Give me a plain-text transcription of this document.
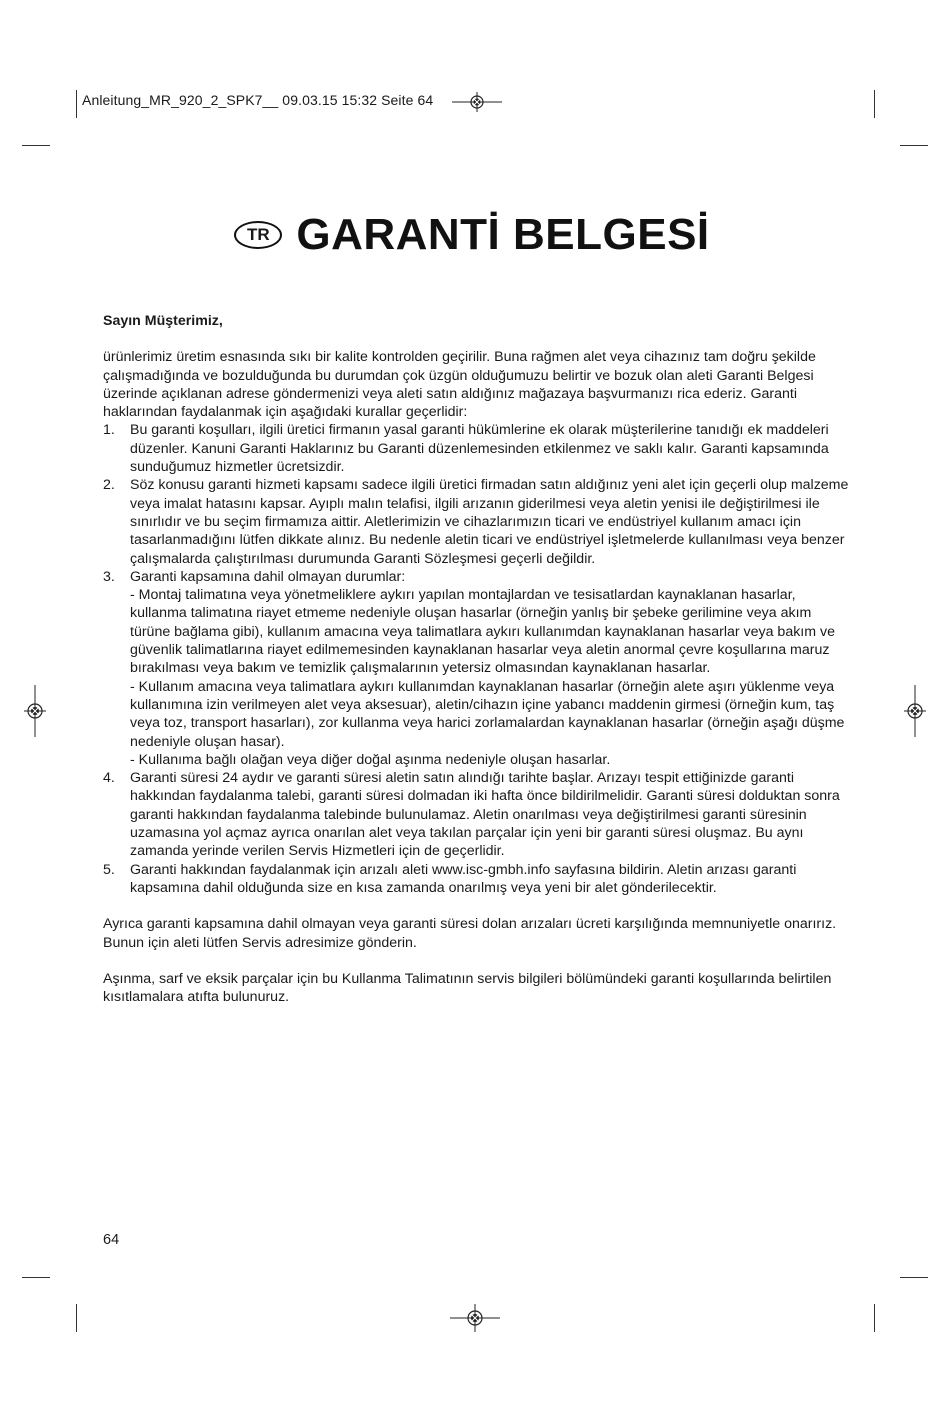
Anleitung_MR_920_2_SPK7__ 09.03.15 15:32 Seite 64
TR GARANTİ BELGESİ

Sayın Müşterimiz,

ürünlerimiz üretim esnasında sıkı bir kalite kontrolden geçirilir. Buna rağmen alet veya cihazınız tam doğru şekilde çalışmadığında ve bozulduğunda bu durumdan çok üzgün olduğumuzu belirtir ve bozuk olan aleti Garanti Belgesi üzerinde açıklanan adrese göndermenizi veya aleti satın aldığınız mağazaya başvurmanızı rica ederiz. Garanti haklarından faydalanmak için aşağıdaki kurallar geçerlidir:

1.	Bu garanti koşulları, ilgili üretici firmanın yasal garanti hükümlerine ek olarak müşterilerine tanıdığı ek maddeleri düzenler. Kanuni Garanti Haklarınız bu Garanti düzenlemesinden etkilenmez ve saklı kalır. Garanti kapsamında sunduğumuz hizmetler ücretsizdir.
2.	Söz konusu garanti hizmeti kapsamı sadece ilgili üretici firmadan satın aldığınız yeni alet için geçerli olup malzeme veya imalat hatasını kapsar. Ayıplı malın telafisi, ilgili arızanın giderilmesi veya aletin yenisi ile değiştirilmesi ile sınırlıdır ve bu seçim firmamıza aittir. Aletlerimizin ve cihazlarımızın ticari ve endüstriyel kullanım amacı için tasarlanmadığını lütfen dikkate alınız. Bu nedenle aletin ticari ve endüstriyel işletmelerde kullanılması veya benzer çalışmalarda çalıştırılması durumunda Garanti Sözleşmesi geçerli değildir.
3.	Garanti kapsamına dahil olmayan durumlar:
- Montaj talimatına veya yönetmeliklere aykırı yapılan montajlardan ve tesisatlardan kaynaklanan hasarlar, kullanma talimatına riayet etmeme nedeniyle oluşan hasarlar (örneğin yanlış bir şebeke gerilimine veya akım türüne bağlama gibi), kullanım amacına veya talimatlara aykırı kullanımdan kaynaklanan hasarlar veya bakım ve güvenlik talimatlarına riayet edilmemesinden kaynaklanan hasarlar veya aletin anormal çevre koşullarına maruz bırakılması veya bakım ve temizlik çalışmalarının yetersiz olmasından kaynaklanan hasarlar.
- Kullanım amacına veya talimatlara aykırı kullanımdan kaynaklanan hasarlar (örneğin alete aşırı yüklenme veya kullanımına izin verilmeyen alet veya aksesuar), aletin/cihazın içine yabancı maddenin girmesi (örneğin kum, taş veya toz, transport hasarları), zor kullanma veya harici zorlamalardan kaynaklanan hasarlar (örneğin aşağı düşme nedeniyle oluşan hasar).
- Kullanıma bağlı olağan veya diğer doğal aşınma nedeniyle oluşan hasarlar.
4.	Garanti süresi 24 aydır ve garanti süresi aletin satın alındığı tarihte başlar. Arızayı tespit ettiğinizde garanti hakkından faydalanma talebi, garanti süresi dolmadan iki hafta önce bildirilmelidir. Garanti süresi dolduktan sonra garanti hakkından faydalanma talebinde bulunulamaz. Aletin onarılması veya değiştirilmesi garanti süresinin uzamasına yol açmaz ayrıca onarılan alet veya takılan parçalar için yeni bir garanti süresi oluşmaz. Bu aynı zamanda yerinde verilen Servis Hizmetleri için de geçerlidir.
5.	Garanti hakkından faydalanmak için arızalı aleti www.isc-gmbh.info sayfasına bildirin. Aletin arızası garanti kapsamına dahil olduğunda size en kısa zamanda onarılmış veya yeni bir alet gönderilecektir.

Ayrıca garanti kapsamına dahil olmayan veya garanti süresi dolan arızaları ücreti karşılığında memnuniyetle onarırız. Bunun için aleti lütfen Servis adresimize gönderin.

Aşınma, sarf ve eksik parçalar için bu Kullanma Talimatının servis bilgileri bölümündeki garanti koşullarında belirtilen kısıtlamalara atıfta bulunuruz.

64
